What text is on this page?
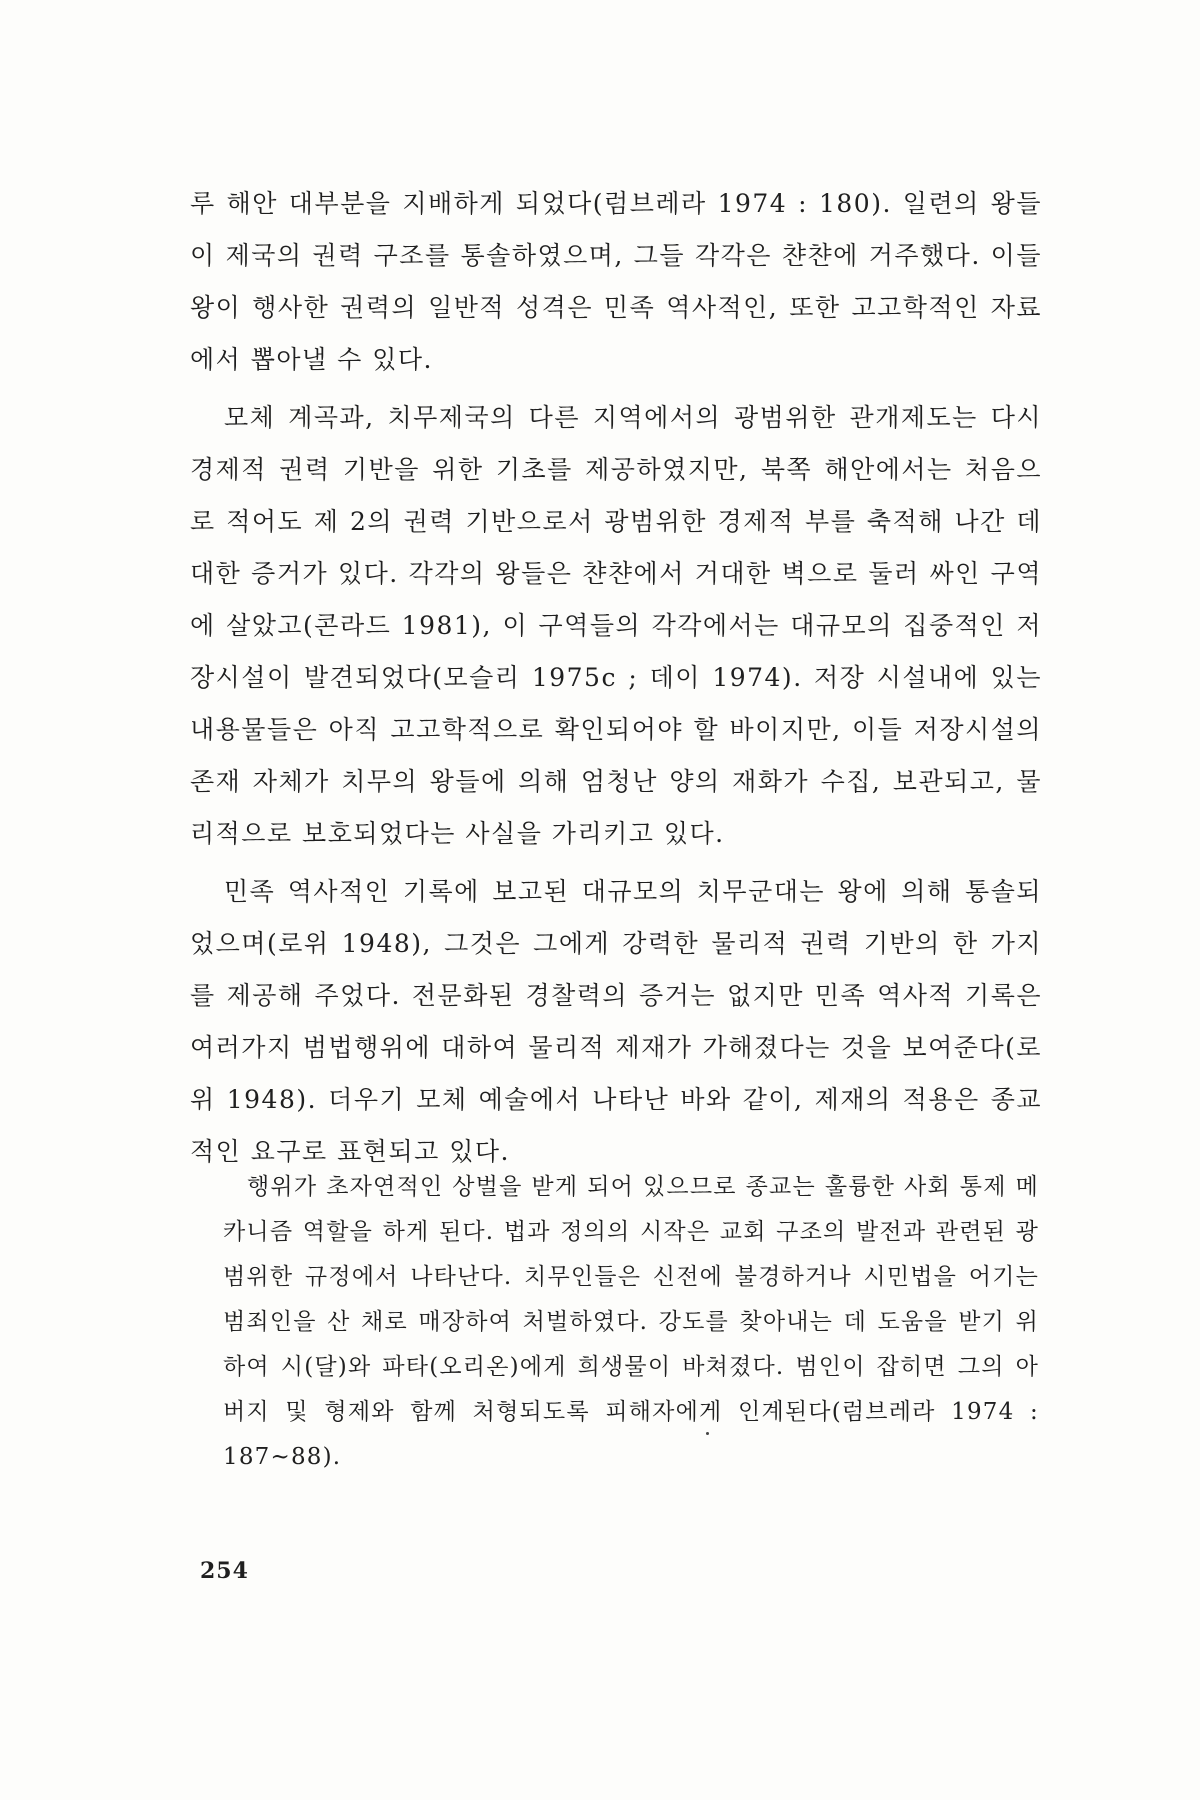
루 해안 대부분을 지배하게 되었다(럼브레라 1974 : 180). 일련의 왕들이 제국의 권력 구조를 통솔하였으며, 그들 각각은 챤챤에 거주했다. 이들 왕이 행사한 권력의 일반적 성격은 민족 역사적인, 또한 고고학적인 자료에서 뽑아낼 수 있다.

모체 계곡과, 치무제국의 다른 지역에서의 광범위한 관개제도는 다시 경제적 권력 기반을 위한 기초를 제공하였지만, 북쪽 해안에서는 처음으로 적어도 제 2의 권력 기반으로서 광범위한 경제적 부를 축적해 나간 데 대한 증거가 있다. 각각의 왕들은 챤챤에서 거대한 벽으로 둘러 싸인 구역에 살았고(콘라드 1981), 이 구역들의 각각에서는 대규모의 집중적인 저장시설이 발견되었다(모슬리 1975c ; 데이 1974). 저장 시설내에 있는 내용물들은 아직 고고학적으로 확인되어야 할 바이지만, 이들 저장시설의 존재 자체가 치무의 왕들에 의해 엄청난 양의 재화가 수집, 보관되고, 물리적으로 보호되었다는 사실을 가리키고 있다.

민족 역사적인 기록에 보고된 대규모의 치무군대는 왕에 의해 통솔되었으며(로위 1948), 그것은 그에게 강력한 물리적 권력 기반의 한 가지를 제공해 주었다. 전문화된 경찰력의 증거는 없지만 민족 역사적 기록은 여러가지 범법행위에 대하여 물리적 제재가 가해졌다는 것을 보여준다(로위 1948). 더우기 모체 예술에서 나타난 바와 같이, 제재의 적용은 종교적인 요구로 표현되고 있다.

행위가 초자연적인 상벌을 받게 되어 있으므로 종교는 훌륭한 사회 통제 메카니즘 역할을 하게 된다. 법과 정의의 시작은 교회 구조의 발전과 관련된 광범위한 규정에서 나타난다. 치무인들은 신전에 불경하거나 시민법을 어기는 범죄인을 산 채로 매장하여 처벌하였다. 강도를 찾아내는 데 도움을 받기 위하여 시(달)와 파타(오리온)에게 희생물이 바쳐졌다. 범인이 잡히면 그의 아버지 및 형제와 함께 처형되도록 피해자에게 인계된다(럼브레라 1974 : 187~88).

254
